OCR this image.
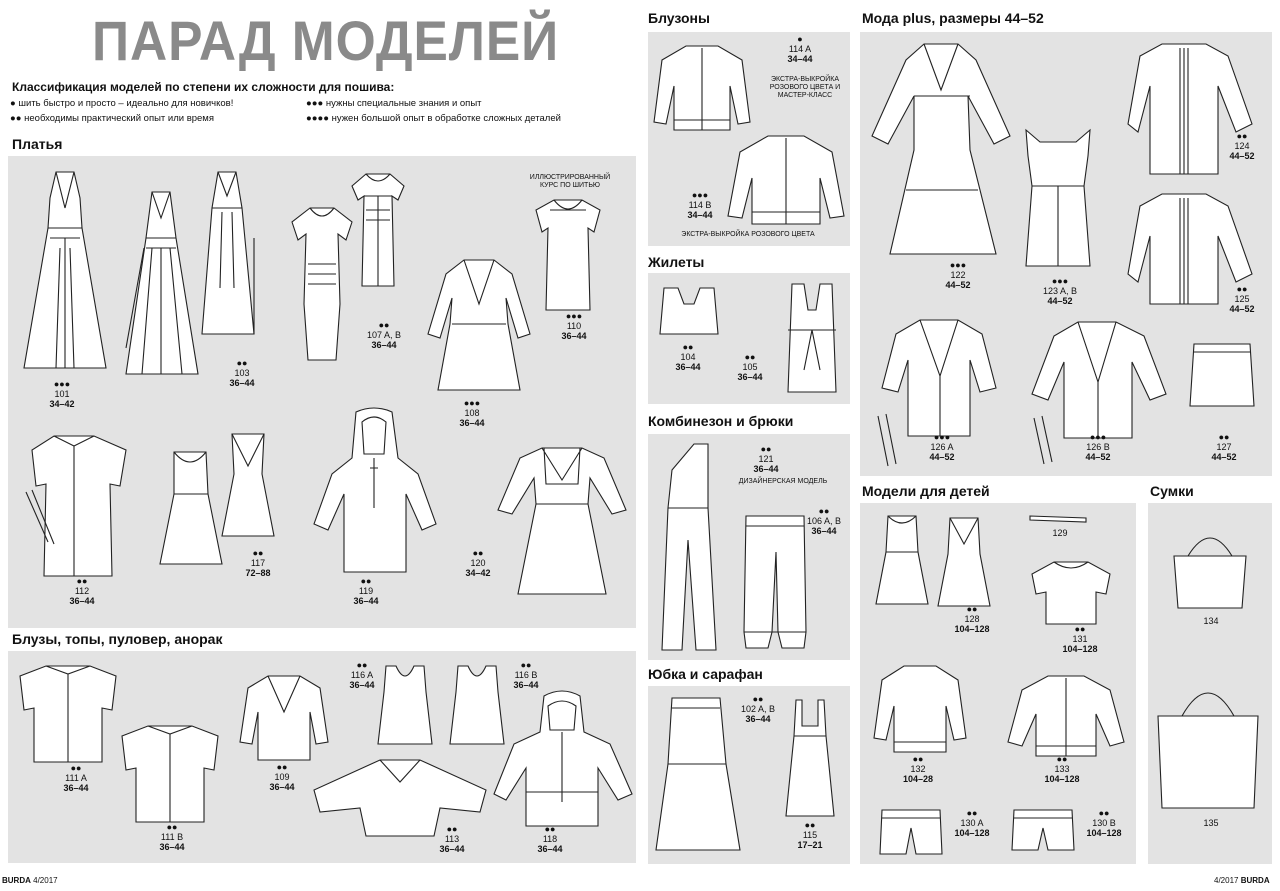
ПАРАД МОДЕЛЕЙ
Классификация моделей по степени их сложности для пошива:
● шить быстро и просто – идеально для новичков!
●● необходимы практический опыт или время
●●● нужны специальные знания и опыт
●●●● нужен большой опыт в обработке сложных деталей
Платья
Блузы, топы, пуловер, анорак
Блузоны
Жилеты
Комбинезон и брюки
Юбка и сарафан
Мода plus, размеры 44–52
Модели для детей	Сумки
●●●
101
34–42
●●
103
36–44
●●
107 A, B
36–44
●●●
110
36–44
●●●
108
36–44
●●
112
36–44
●●
117
72–88
●●
119
36–44
●●
120
34–42
ИЛЛЮСТРИРОВАННЫЙ КУРС ПО ШИТЬЮ
●●
111 A
36–44
●●
111 B
36–44
●●
109
36–44
●●
116 A
36–44
●●
116 B
36–44
●●
113
36–44
●●
118
36–44
●
114 A
34–44
●●●
114 B
34–44
ЭКСТРА-ВЫКРОЙКА РОЗОВОГО ЦВЕТА И МАСТЕР-КЛАСС
ЭКСТРА-ВЫКРОЙКА РОЗОВОГО ЦВЕТА
●●
104
36–44
●●
105
36–44
●●
121
36–44
●●
106 A, B
36–44
ДИЗАЙНЕРСКАЯ МОДЕЛЬ
●●
102 A, B
36–44
●●
115
17–21
●●●
122
44–52	●●●
123 A, B
44–52
●●
124
44–52
●●
125
44–52
●●●
126 A
44–52
●●●
126 B
44–52
●●
127
44–52
●●
128
104–128
129
●●
131
104–128
●●
132
104–28
●●
133
104–128
●●
130 A
104–128
●●
130 B
104–128
134
135
BURDA 4/2017	4/2017 BURDA
